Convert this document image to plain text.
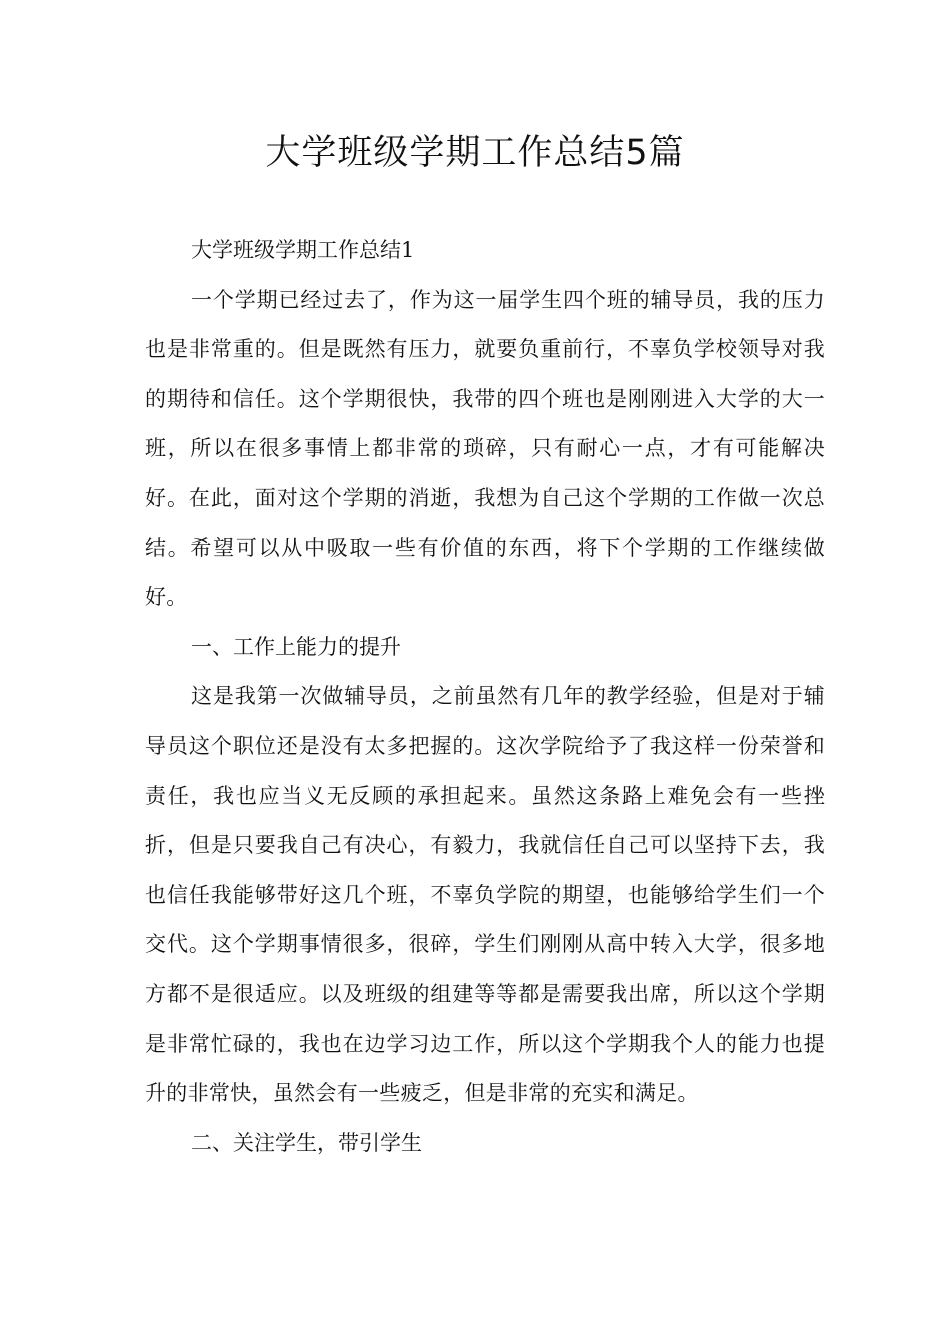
大学班级学期工作总结5篇

大学班级学期工作总结1

一个学期已经过去了，作为这一届学生四个班的辅导员，我的压力也是非常重的。但是既然有压力，就要负重前行，不辜负学校领导对我的期待和信任。这个学期很快，我带的四个班也是刚刚进入大学的大一班，所以在很多事情上都非常的琐碎，只有耐心一点，才有可能解决好。在此，面对这个学期的消逝，我想为自己这个学期的工作做一次总结。希望可以从中吸取一些有价值的东西，将下个学期的工作继续做好。

一、工作上能力的提升

这是我第一次做辅导员，之前虽然有几年的教学经验，但是对于辅导员这个职位还是没有太多把握的。这次学院给予了我这样一份荣誉和责任，我也应当义无反顾的承担起来。虽然这条路上难免会有一些挫折，但是只要我自己有决心，有毅力，我就信任自己可以坚持下去，我也信任我能够带好这几个班，不辜负学院的期望，也能够给学生们一个交代。这个学期事情很多，很碎，学生们刚刚从高中转入大学，很多地方都不是很适应。以及班级的组建等等都是需要我出席，所以这个学期是非常忙碌的，我也在边学习边工作，所以这个学期我个人的能力也提升的非常快，虽然会有一些疲乏，但是非常的充实和满足。

二、关注学生，带引学生
